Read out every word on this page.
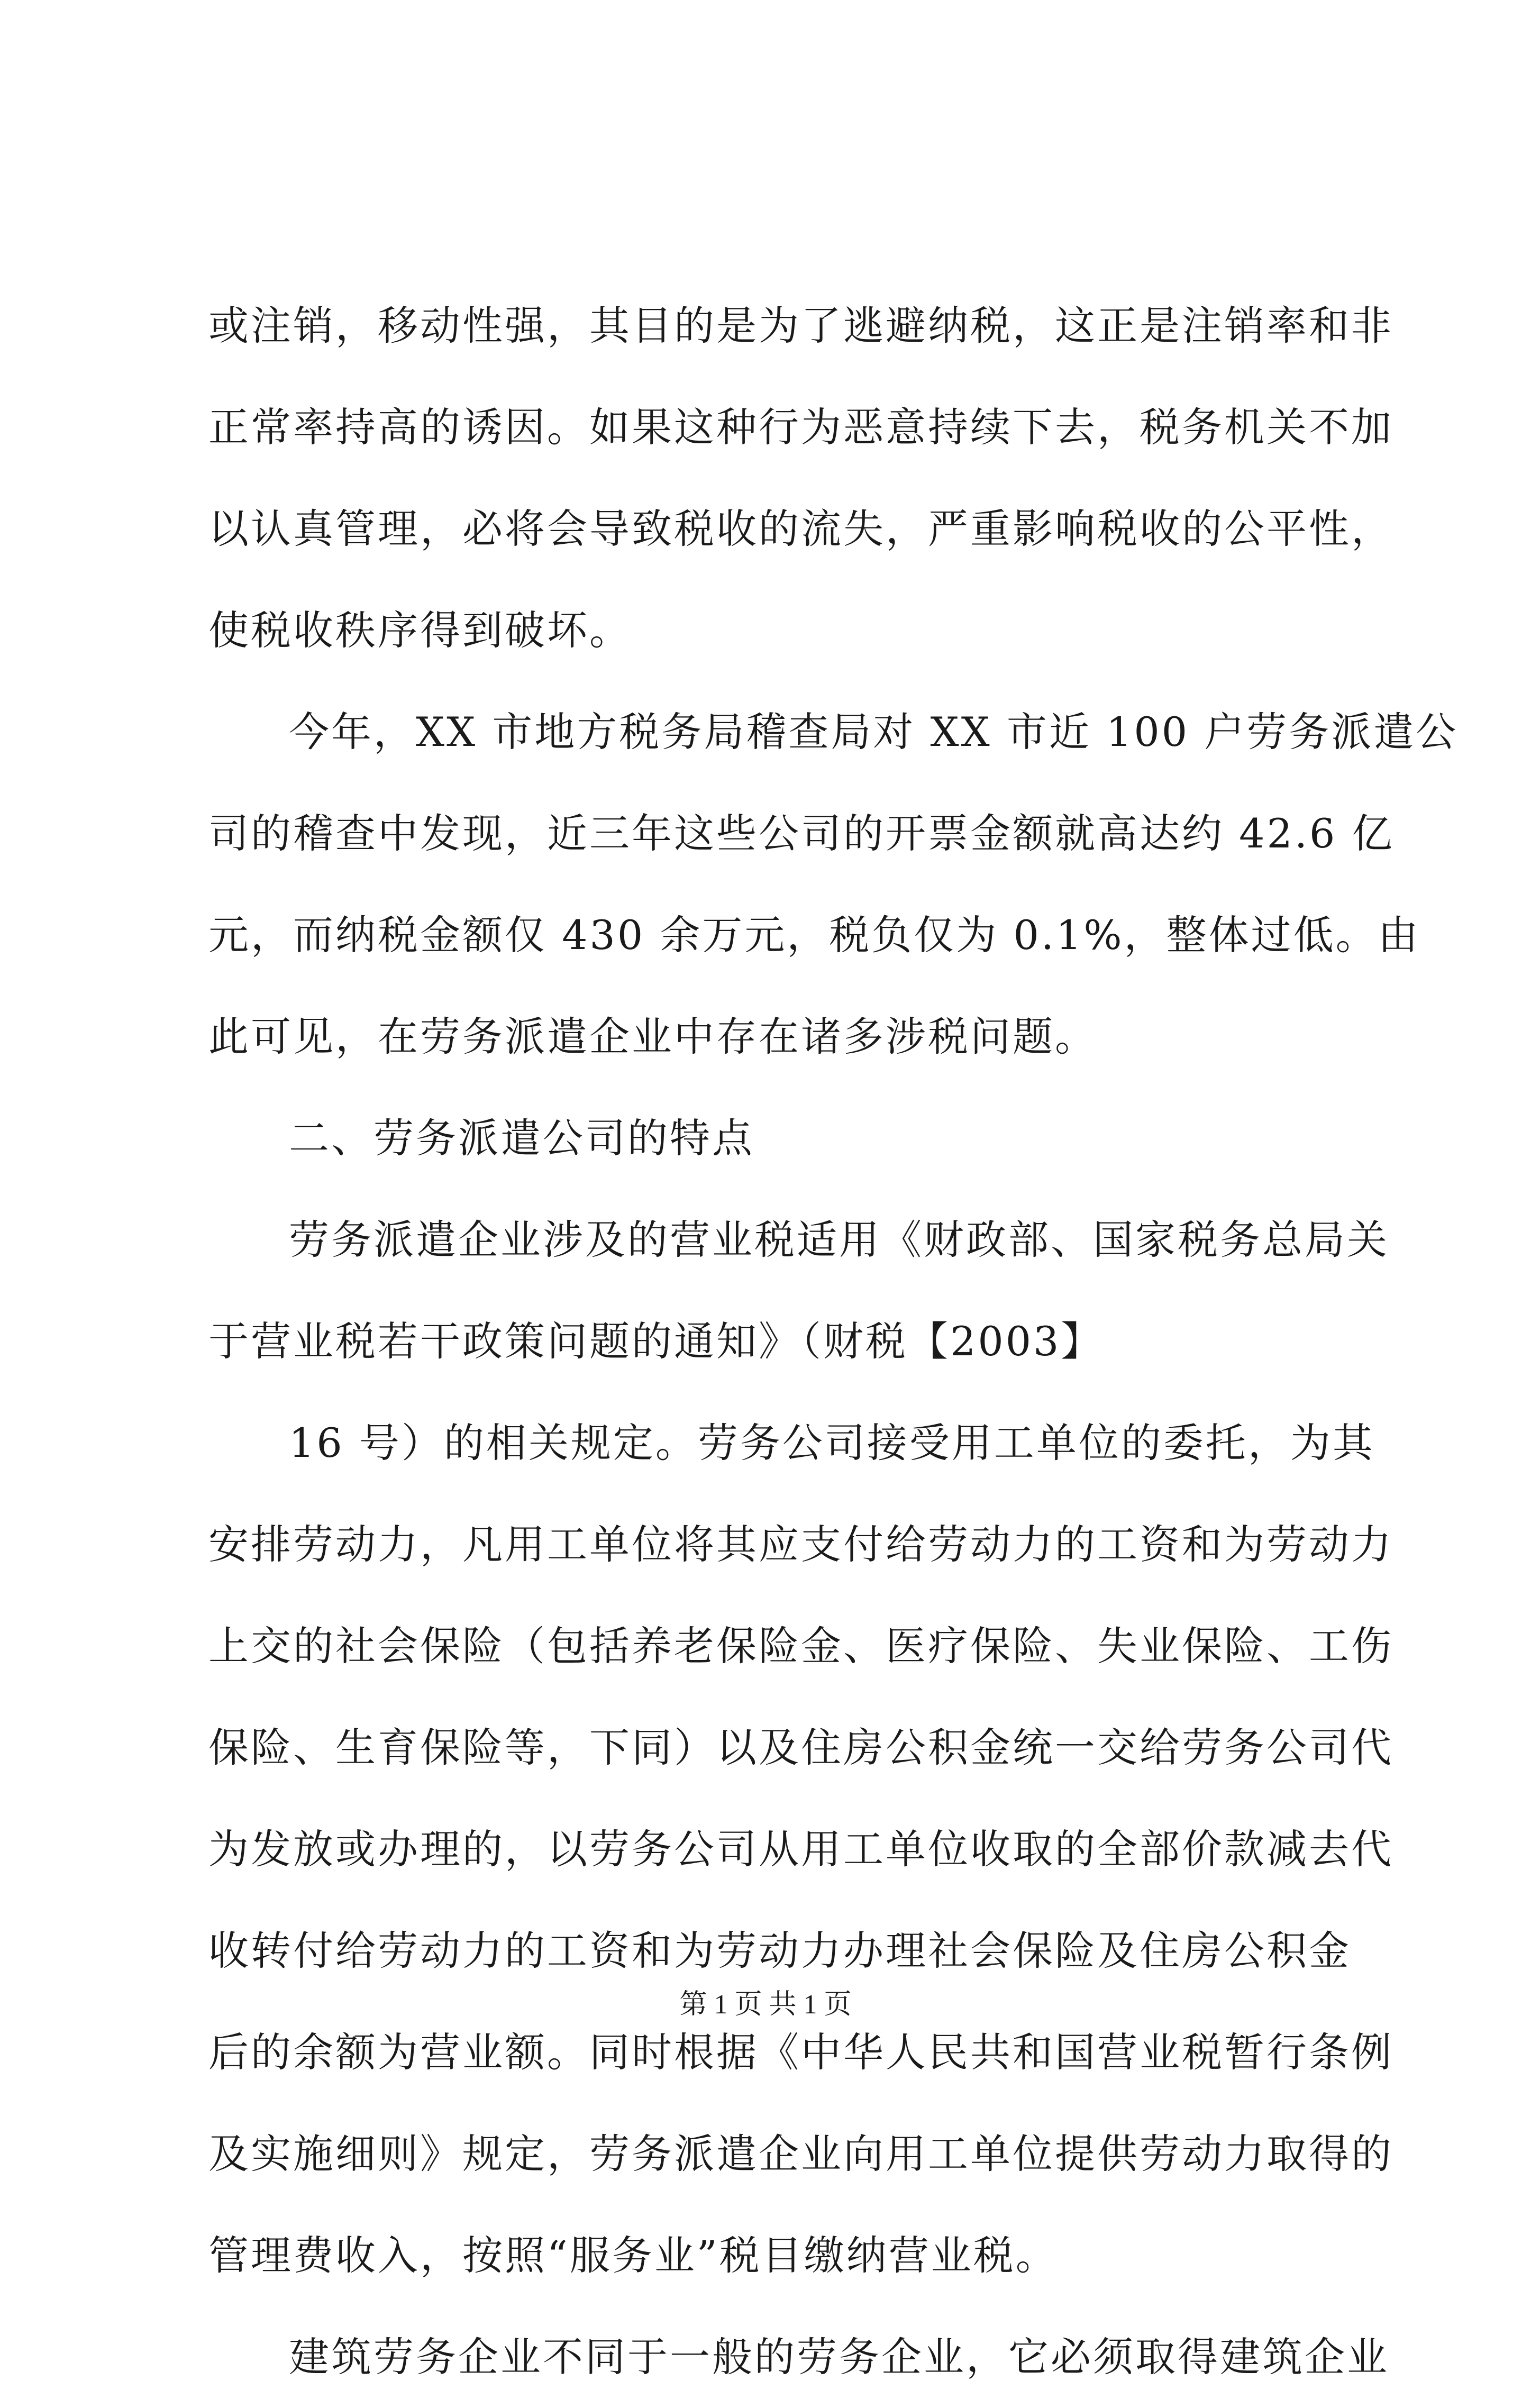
或注销，移动性强，其目的是为了逃避纳税，这正是注销率和非
正常率持高的诱因。如果这种行为恶意持续下去，税务机关不加
以认真管理，必将会导致税收的流失，严重影响税收的公平性，
使税收秩序得到破坏。
今年，XX 市地方税务局稽查局对 XX 市近 100 户劳务派遣公
司的稽查中发现，近三年这些公司的开票金额就高达约 42.6 亿
元，而纳税金额仅 430 余万元，税负仅为 0.1%，整体过低。由
此可见，在劳务派遣企业中存在诸多涉税问题。
二、劳务派遣公司的特点
劳务派遣企业涉及的营业税适用《财政部、国家税务总局关
于营业税若干政策问题的通知》（财税【2003】
16 号）的相关规定。劳务公司接受用工单位的委托，为其
安排劳动力，凡用工单位将其应支付给劳动力的工资和为劳动力
上交的社会保险（包括养老保险金、医疗保险、失业保险、工伤
保险、生育保险等，下同）以及住房公积金统一交给劳务公司代
为发放或办理的，以劳务公司从用工单位收取的全部价款减去代
收转付给劳动力的工资和为劳动力办理社会保险及住房公积金
后的余额为营业额。同时根据《中华人民共和国营业税暂行条例
及实施细则》规定，劳务派遣企业向用工单位提供劳动力取得的
管理费收入，按照“服务业”税目缴纳营业税。
建筑劳务企业不同于一般的劳务企业，它必须取得建筑企业
第 1 页 共 1 页
